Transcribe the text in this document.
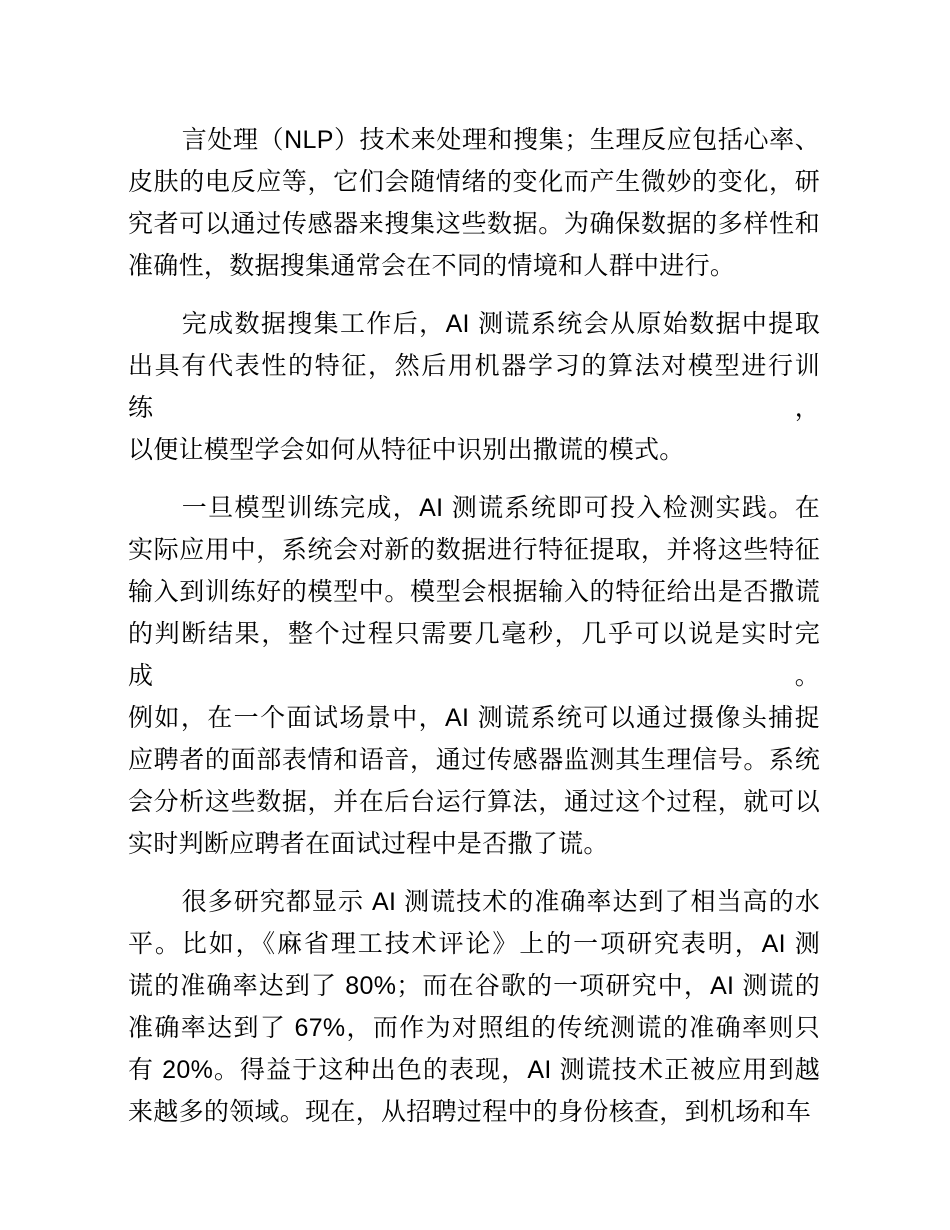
言处理（NLP）技术来处理和搜集；生理反应包括心率、
皮肤的电反应等，它们会随情绪的变化而产生微妙的变化，研
究者可以通过传感器来搜集这些数据。为确保数据的多样性和
准确性，数据搜集通常会在不同的情境和人群中进行。
完成数据搜集工作后，AI 测谎系统会从原始数据中提取
出具有代表性的特征，然后用机器学习的算法对模型进行训练，
以便让模型学会如何从特征中识别出撒谎的模式。
一旦模型训练完成，AI 测谎系统即可投入检测实践。在
实际应用中，系统会对新的数据进行特征提取，并将这些特征
输入到训练好的模型中。模型会根据输入的特征给出是否撒谎
的判断结果，整个过程只需要几毫秒，几乎可以说是实时完成。
例如，在一个面试场景中，AI 测谎系统可以通过摄像头捕捉
应聘者的面部表情和语音，通过传感器监测其生理信号。系统
会分析这些数据，并在后台运行算法，通过这个过程，就可以
实时判断应聘者在面试过程中是否撒了谎。
很多研究都显示 AI 测谎技术的准确率达到了相当高的水
平。比如，《麻省理工技术评论》上的一项研究表明，AI 测
谎的准确率达到了 80%；而在谷歌的一项研究中，AI 测谎的
准确率达到了 67%，而作为对照组的传统测谎的准确率则只
有 20%。得益于这种出色的表现，AI 测谎技术正被应用到越
来越多的领域。现在，从招聘过程中的身份核查，到机场和车
